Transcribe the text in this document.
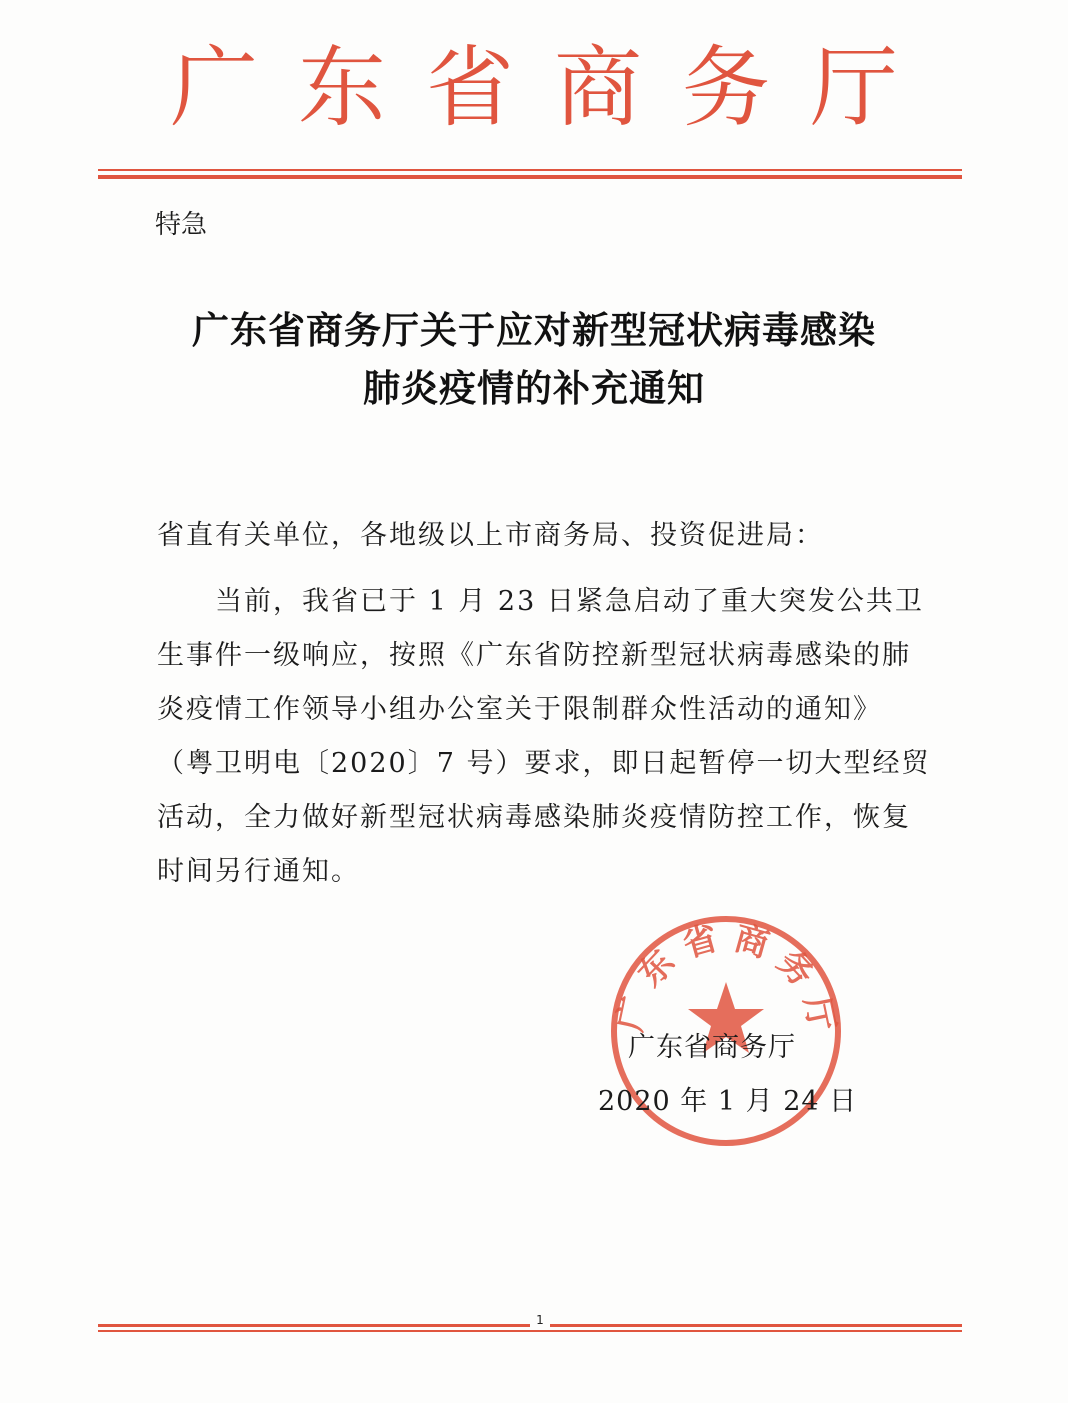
广东省商务厅
特急
广东省商务厅关于应对新型冠状病毒感染
肺炎疫情的补充通知
省直有关单位，各地级以上市商务局、投资促进局：
当前，我省已于 1 月 23 日紧急启动了重大突发公共卫
生事件一级响应，按照《广东省防控新型冠状病毒感染的肺
炎疫情工作领导小组办公室关于限制群众性活动的通知》
（粤卫明电〔2020〕7 号）要求，即日起暂停一切大型经贸
活动，全力做好新型冠状病毒感染肺炎疫情防控工作，恢复
时间另行通知。
广 东 省 商 务 厅
广东省商务厅
2020 年 1 月 24 日
1
